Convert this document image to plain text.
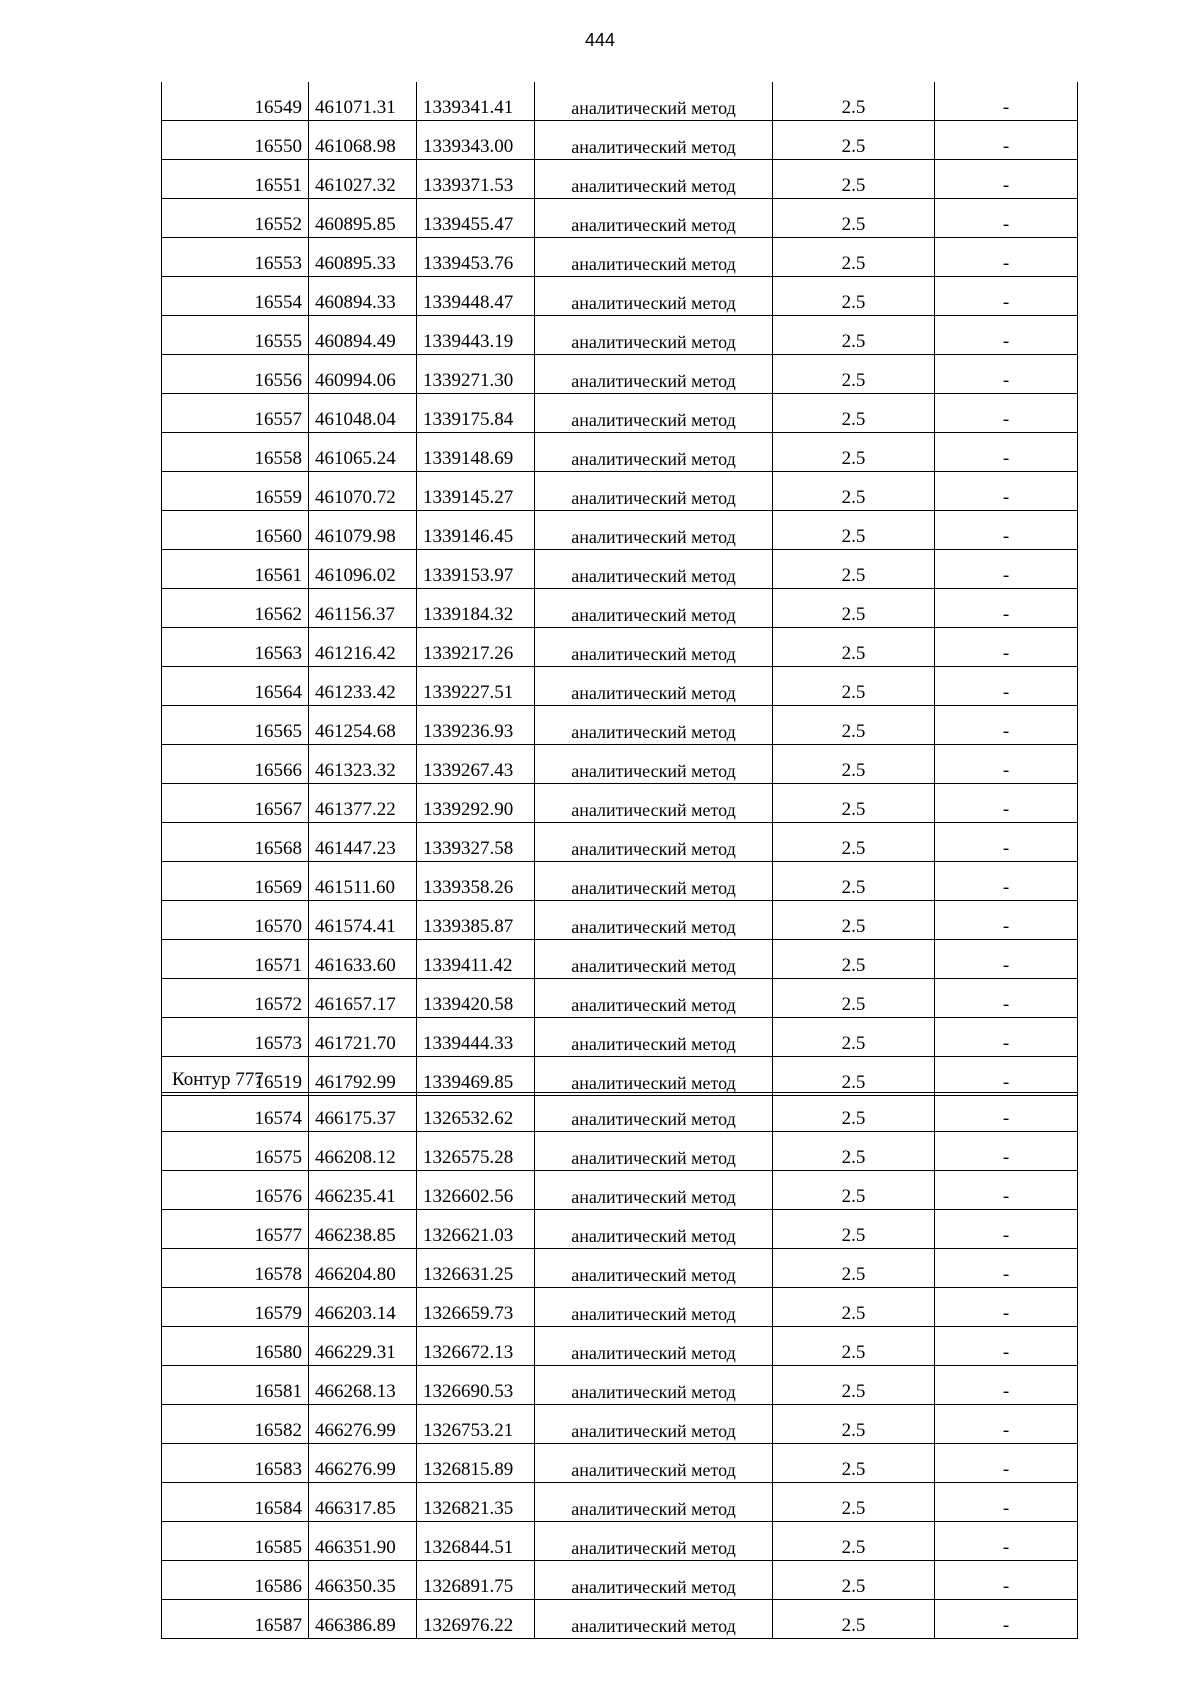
444
16549	461071.31	1339341.41	аналитический метод	2.5	-
16550	461068.98	1339343.00	аналитический метод	2.5	-
16551	461027.32	1339371.53	аналитический метод	2.5	-
16552	460895.85	1339455.47	аналитический метод	2.5	-
16553	460895.33	1339453.76	аналитический метод	2.5	-
16554	460894.33	1339448.47	аналитический метод	2.5	-
16555	460894.49	1339443.19	аналитический метод	2.5	-
16556	460994.06	1339271.30	аналитический метод	2.5	-
16557	461048.04	1339175.84	аналитический метод	2.5	-
16558	461065.24	1339148.69	аналитический метод	2.5	-
16559	461070.72	1339145.27	аналитический метод	2.5	-
16560	461079.98	1339146.45	аналитический метод	2.5	-
16561	461096.02	1339153.97	аналитический метод	2.5	-
16562	461156.37	1339184.32	аналитический метод	2.5	-
16563	461216.42	1339217.26	аналитический метод	2.5	-
16564	461233.42	1339227.51	аналитический метод	2.5	-
16565	461254.68	1339236.93	аналитический метод	2.5	-
16566	461323.32	1339267.43	аналитический метод	2.5	-
16567	461377.22	1339292.90	аналитический метод	2.5	-
16568	461447.23	1339327.58	аналитический метод	2.5	-
16569	461511.60	1339358.26	аналитический метод	2.5	-
16570	461574.41	1339385.87	аналитический метод	2.5	-
16571	461633.60	1339411.42	аналитический метод	2.5	-
16572	461657.17	1339420.58	аналитический метод	2.5	-
16573	461721.70	1339444.33	аналитический метод	2.5	-
16519	461792.99	1339469.85	аналитический метод	2.5	-
Контур 777
16574	466175.37	1326532.62	аналитический метод	2.5	-
16575	466208.12	1326575.28	аналитический метод	2.5	-
16576	466235.41	1326602.56	аналитический метод	2.5	-
16577	466238.85	1326621.03	аналитический метод	2.5	-
16578	466204.80	1326631.25	аналитический метод	2.5	-
16579	466203.14	1326659.73	аналитический метод	2.5	-
16580	466229.31	1326672.13	аналитический метод	2.5	-
16581	466268.13	1326690.53	аналитический метод	2.5	-
16582	466276.99	1326753.21	аналитический метод	2.5	-
16583	466276.99	1326815.89	аналитический метод	2.5	-
16584	466317.85	1326821.35	аналитический метод	2.5	-
16585	466351.90	1326844.51	аналитический метод	2.5	-
16586	466350.35	1326891.75	аналитический метод	2.5	-
16587	466386.89	1326976.22	аналитический метод	2.5	-
